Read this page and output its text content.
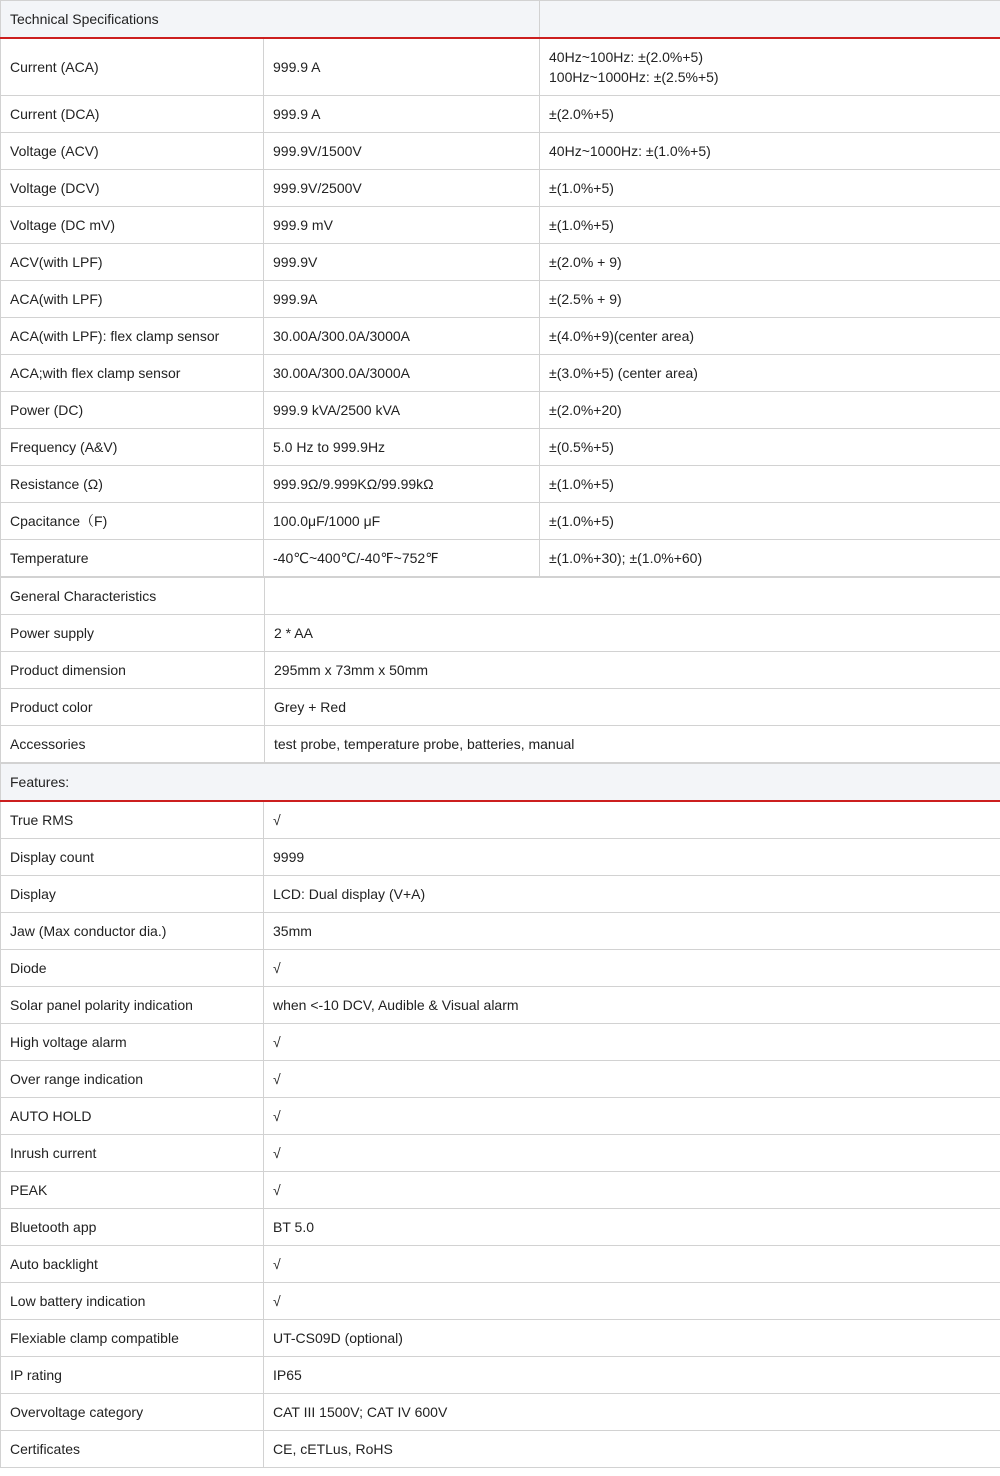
Technical Specifications		
Current (ACA)	999.9 A	40Hz~100Hz: ±(2.0%+5)
100Hz~1000Hz: ±(2.5%+5)

Current (DCA)	999.9 A	±(2.0%+5)

Voltage (ACV)	999.9V/1500V	40Hz~1000Hz: ±(1.0%+5)

Voltage (DCV)	999.9V/2500V	±(1.0%+5)

Voltage (DC mV)	999.9 mV	±(1.0%+5)

ACV(with LPF)	999.9V	±(2.0% + 9)

ACA(with LPF)	999.9A	±(2.5% + 9)

ACA(with LPF): flex clamp sensor	30.00A/300.0A/3000A	±(4.0%+9)(center area)

ACA;with flex clamp sensor	30.00A/300.0A/3000A	±(3.0%+5) (center area)

Power (DC)	999.9 kVA/2500 kVA	±(2.0%+20)

Frequency (A&V)	5.0 Hz to 999.9Hz	±(0.5%+5)

Resistance (Ω)	999.9Ω/9.999KΩ/99.99kΩ	±(1.0%+5)

Cpacitance（F)	100.0μF/1000 μF	±(1.0%+5)

Temperature	-40℃~400℃/-40℉~752℉	±(1.0%+30); ±(1.0%+60)
General Characteristics	
Power supply	2 * AA
Product dimension	295mm x 73mm x 50mm
Product color	Grey + Red
Accessories	test probe, temperature probe, batteries, manual
Features:	
True RMS	√
Display count	9999
Display	LCD: Dual display (V+A)
Jaw (Max conductor dia.)	35mm
Diode	√
Solar panel polarity indication	when <-10 DCV, Audible & Visual alarm
High voltage alarm	√
Over range indication	√
AUTO HOLD	√
Inrush current	√
PEAK	√
Bluetooth app	BT 5.0
Auto backlight	√
Low battery indication	√
Flexiable clamp compatible	UT-CS09D (optional)
IP rating	IP65
Overvoltage category	CAT III 1500V; CAT IV 600V
Certificates	CE, cETLus, RoHS
